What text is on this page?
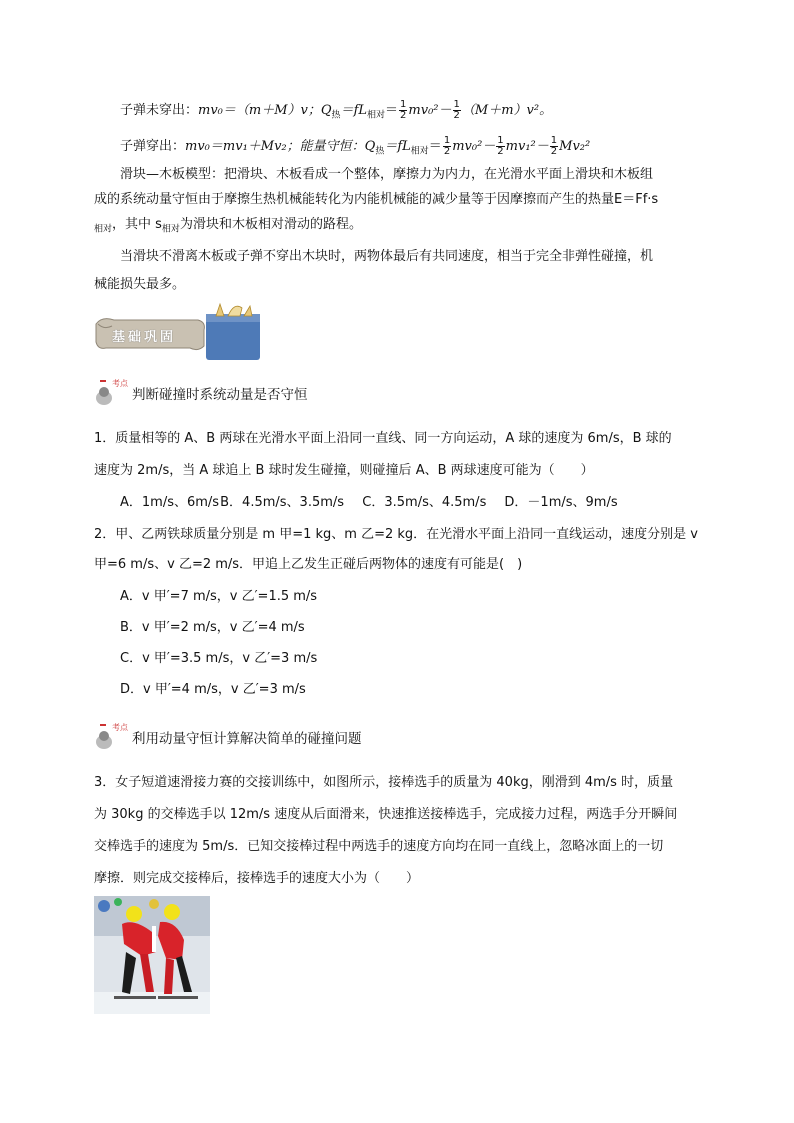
子弹未穿出：mv₀＝（m＋M）v；$Q_热=fL_{相对}= \frac{1}{2} mv_0^2- \frac{1}{2} (M+m)v^2$。
子弹穿出：mv₀＝mv₁＋Mv₂；能量守恒：$Q_热=fL_{相对}= \frac{1}{2} mv_0^2- \frac{1}{2} mv_1^2- \frac{1}{2} Mv_2^2$
滑块—木板模型：把滑块、木板看成一个整体，摩擦力为内力，在光滑水平面上滑块和木板组
成的系统动量守恒由于摩擦生热机械能转化为内能机械能的减少量等于因摩擦而产生的热量E＝Ff·s
$_{相对}$，其中 $s_{相对}$为滑块和木板相对滑动的路程。
当滑块不滑离木板或子弹不穿出木块时，两物体最后有共同速度，相当于完全非弹性碰撞，机
械能损失最多。
基础巩固
考点
判断碰撞时系统动量是否守恒
1．质量相等的 A、B 两球在光滑水平面上沿同一直线、同一方向运动，A 球的速度为 6m/s，B 球的
速度为 2m/s，当 A 球追上 B 球时发生碰撞，则碰撞后 A、B 两球速度可能为（　　）
A．1m/s、6m/s B．4.5m/s、3.5m/s C．3.5m/s、4.5m/s D．－1m/s、9m/s
2．甲、乙两铁球质量分别是 m 甲=1 kg、m 乙=2 kg．在光滑水平面上沿同一直线运动，速度分别是 v
甲=6 m/s、v 乙=2 m/s．甲追上乙发生正碰后两物体的速度有可能是(　)
A．v 甲′=7 m/s，v 乙′=1.5 m/s
B．v 甲′=2 m/s，v 乙′=4 m/s
C．v 甲′=3.5 m/s，v 乙′=3 m/s
D．v 甲′=4 m/s，v 乙′=3 m/s
考点
利用动量守恒计算解决简单的碰撞问题
3．女子短道速滑接力赛的交接训练中，如图所示，接棒选手的质量为 40kg，刚滑到 4m/s 时，质量
为 30kg 的交棒选手以 12m/s 速度从后面滑来，快速推送接棒选手，完成接力过程，两选手分开瞬间
交棒选手的速度为 5m/s．已知交接棒过程中两选手的速度方向均在同一直线上，忽略冰面上的一切
摩擦．则完成交接棒后，接棒选手的速度大小为（　　）
